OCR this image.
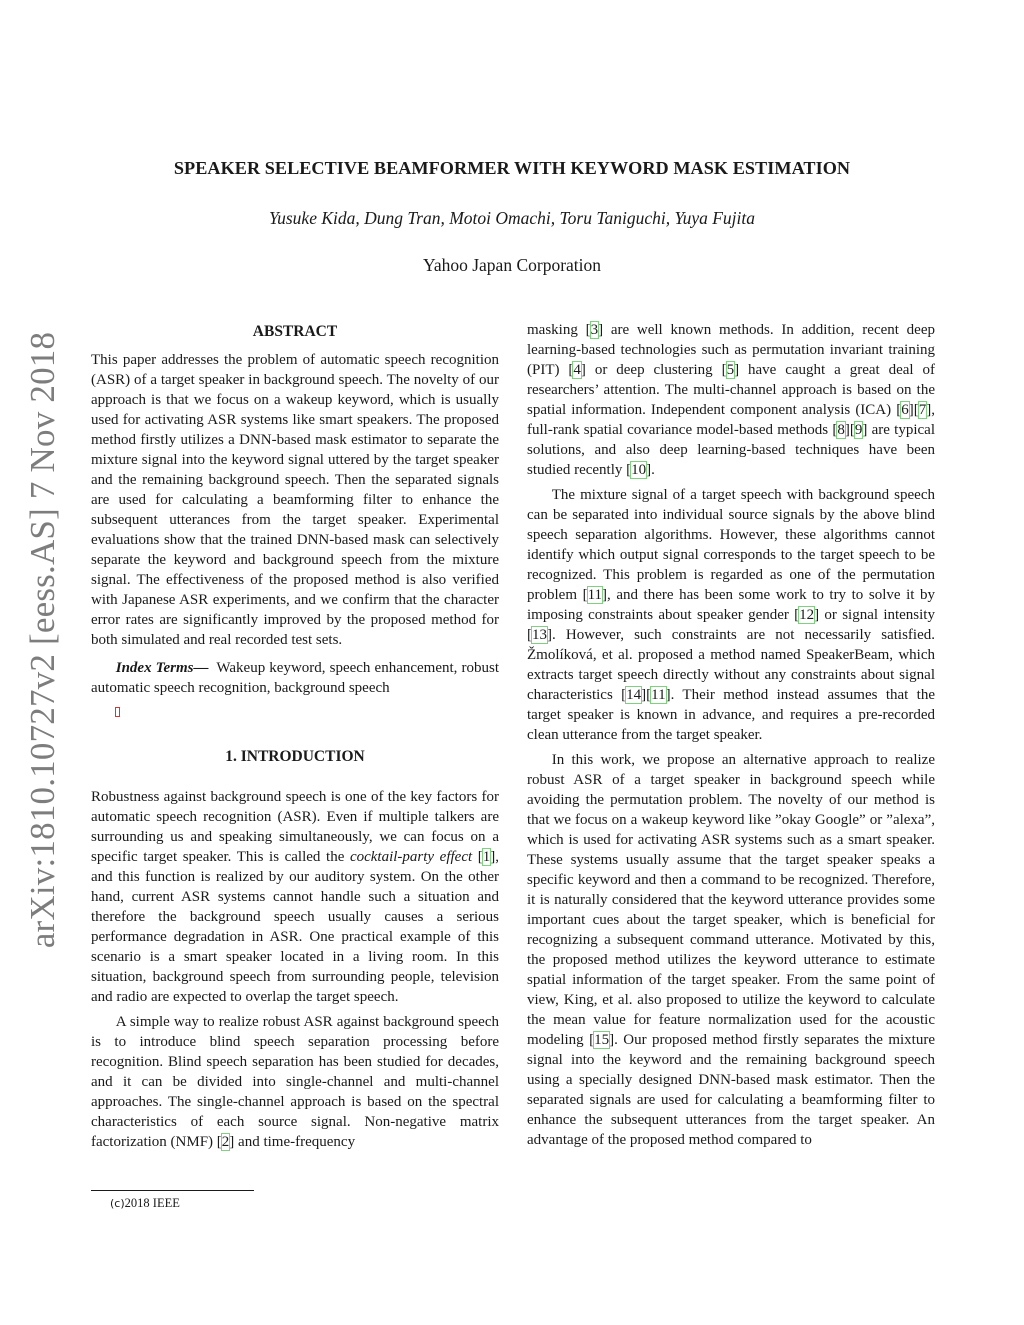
SPEAKER SELECTIVE BEAMFORMER WITH KEYWORD MASK ESTIMATION
Yusuke Kida, Dung Tran, Motoi Omachi, Toru Taniguchi, Yuya Fujita
Yahoo Japan Corporation
arXiv:1810.10727v2 [eess.AS] 7 Nov 2018
ABSTRACT

This paper addresses the problem of automatic speech recognition (ASR) of a target speaker in background speech. The novelty of our approach is that we focus on a wakeup keyword, which is usually used for activating ASR systems like smart speakers. The proposed method firstly utilizes a DNN-based mask estimator to separate the mixture signal into the keyword signal uttered by the target speaker and the remaining background speech. Then the separated signals are used for calculating a beamforming filter to enhance the subsequent utterances from the target speaker. Experimental evaluations show that the trained DNN-based mask can selectively separate the keyword and background speech from the mixture signal. The effectiveness of the proposed method is also verified with Japanese ASR experiments, and we confirm that the character error rates are significantly improved by the proposed method for both simulated and real recorded test sets.

Index Terms— Wakeup keyword, speech enhancement, robust automatic speech recognition, background speech

1. INTRODUCTION

Robustness against background speech is one of the key factors for automatic speech recognition (ASR). Even if multiple talkers are surrounding us and speaking simultaneously, we can focus on a specific target speaker. This is called the cocktail-party effect [1], and this function is realized by our auditory system. On the other hand, current ASR systems cannot handle such a situation and therefore the background speech usually causes a serious performance degradation in ASR. One practical example of this scenario is a smart speaker located in a living room. In this situation, background speech from surrounding people, television and radio are expected to overlap the target speech.

A simple way to realize robust ASR against background speech is to introduce blind speech separation processing before recognition. Blind speech separation has been studied for decades, and it can be divided into single-channel and multi-channel approaches. The single-channel approach is based on the spectral characteristics of each source signal. Non-negative matrix factorization (NMF) [2] and time-frequency

(c)2018 IEEE

masking [3] are well known methods. In addition, recent deep learning-based technologies such as permutation invariant training (PIT) [4] or deep clustering [5] have caught a great deal of researchers’ attention. The multi-channel approach is based on the spatial information. Independent component analysis (ICA) [6][7], full-rank spatial covariance model-based methods [8][9] are typical solutions, and also deep learning-based techniques have been studied recently [10].

The mixture signal of a target speech with background speech can be separated into individual source signals by the above blind speech separation algorithms. However, these algorithms cannot identify which output signal corresponds to the target speech to be recognized. This problem is regarded as one of the permutation problem [11], and there has been some work to try to solve it by imposing constraints about speaker gender [12] or signal intensity [13]. However, such constraints are not necessarily satisfied. Žmolíková, et al. proposed a method named SpeakerBeam, which extracts target speech directly without any constraints about signal characteristics [14][11]. Their method instead assumes that the target speaker is known in advance, and requires a pre-recorded clean utterance from the target speaker.

In this work, we propose an alternative approach to realize robust ASR of a target speaker in background speech while avoiding the permutation problem. The novelty of our method is that we focus on a wakeup keyword like ”okay Google” or ”alexa”, which is used for activating ASR systems such as a smart speaker. These systems usually assume that the target speaker speaks a specific keyword and then a command to be recognized. Therefore, it is naturally considered that the keyword utterance provides some important cues about the target speaker, which is beneficial for recognizing a subsequent command utterance. Motivated by this, the proposed method utilizes the keyword utterance to estimate spatial information of the target speaker. From the same point of view, King, et al. also proposed to utilize the keyword to calculate the mean value for feature normalization used for the acoustic modeling [15]. Our proposed method firstly separates the mixture signal into the keyword and the remaining background speech using a specially designed DNN-based mask estimator. Then the separated signals are used for calculating a beamforming filter to enhance the subsequent utterances from the target speaker. An advantage of the proposed method compared to
